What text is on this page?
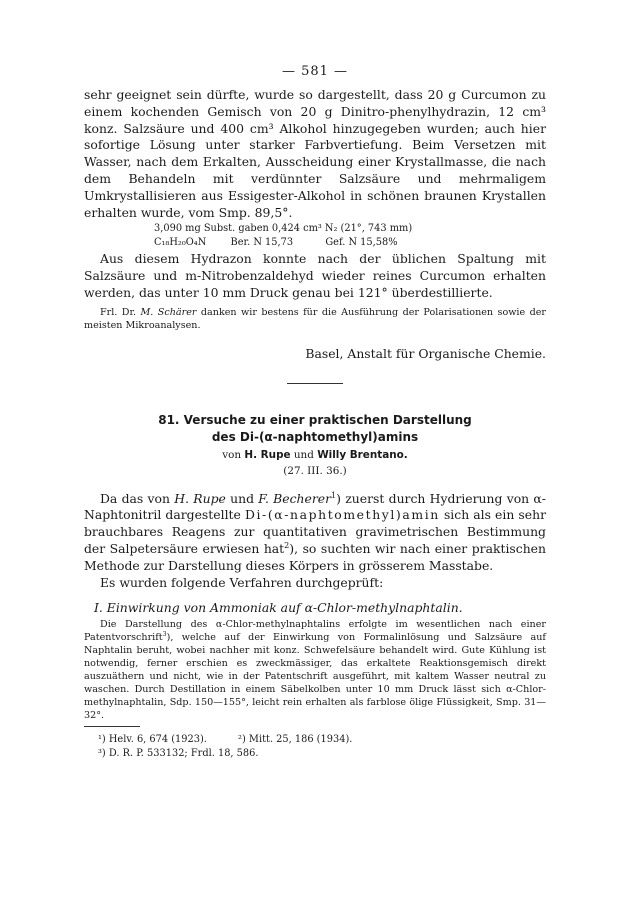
— 581 —

sehr geeignet sein dürfte, wurde so dargestellt, dass 20 g Curcumon zu einem kochenden Gemisch von 20 g Dinitro-phenylhydrazin, 12 cm³ konz. Salzsäure und 400 cm³ Alkohol hinzugegeben wurden; auch hier sofortige Lösung unter starker Farbvertiefung. Beim Versetzen mit Wasser, nach dem Erkalten, Ausscheidung einer Krystallmasse, die nach dem Behandeln mit verdünnter Salzsäure und mehrmaligem Umkrystallisieren aus Essigester-Alkohol in schönen braunen Krystallen erhalten wurde, vom Smp. 89,5°.

3,090 mg Subst. gaben 0,424 cm³ N₂ (21°, 743 mm)
C₁₈H₂₀O₄N Ber. N 15,73	Gef. N 15,58%

Aus diesem Hydrazon konnte nach der üblichen Spaltung mit Salzsäure und m-Nitrobenzaldehyd wieder reines Curcumon erhalten werden, das unter 10 mm Druck genau bei 121° überdestillierte.

Frl. Dr. M. Schärer danken wir bestens für die Ausführung der Polarisationen sowie der meisten Mikroanalysen.

Basel, Anstalt für Organische Chemie.

81. Versuche zu einer praktischen Darstellung

des Di-(α-naphtomethyl)amins

von H. Rupe und Willy Brentano.

(27. III. 36.)

Da das von H. Rupe und F. Becherer$^1$) zuerst durch Hydrierung von α-Naphtonitril dargestellte Di-(α-naphtomethyl)amin sich als ein sehr brauchbares Reagens zur quantitativen gravimetrischen Bestimmung der Salpetersäure erwiesen hat$^2$), so suchten wir nach einer praktischen Methode zur Darstellung dieses Körpers in grösserem Masstabe.

Es wurden folgende Verfahren durchgeprüft:

I. Einwirkung von Ammoniak auf α-Chlor-methylnaphtalin.

Die Darstellung des α-Chlor-methylnaphtalins erfolgte im wesentlichen nach einer Patentvorschrift$^3$), welche auf der Einwirkung von Formalinlösung und Salzsäure auf Naphtalin beruht, wobei nachher mit konz. Schwefelsäure behandelt wird. Gute Kühlung ist notwendig, ferner erschien es zweckmässiger, das erkaltete Reaktionsgemisch direkt auszuäthern und nicht, wie in der Patentschrift ausgeführt, mit kaltem Wasser neutral zu waschen. Durch Destillation in einem Säbelkolben unter 10 mm Druck lässt sich α-Chlor-methylnaphtalin, Sdp. 150—155°, leicht rein erhalten als farblose ölige Flüssigkeit, Smp. 31—32°.

¹) Helv. 6, 674 (1923).          ²) Mitt. 25, 186 (1934).
³) D. R. P. 533132; Frdl. 18, 586.
